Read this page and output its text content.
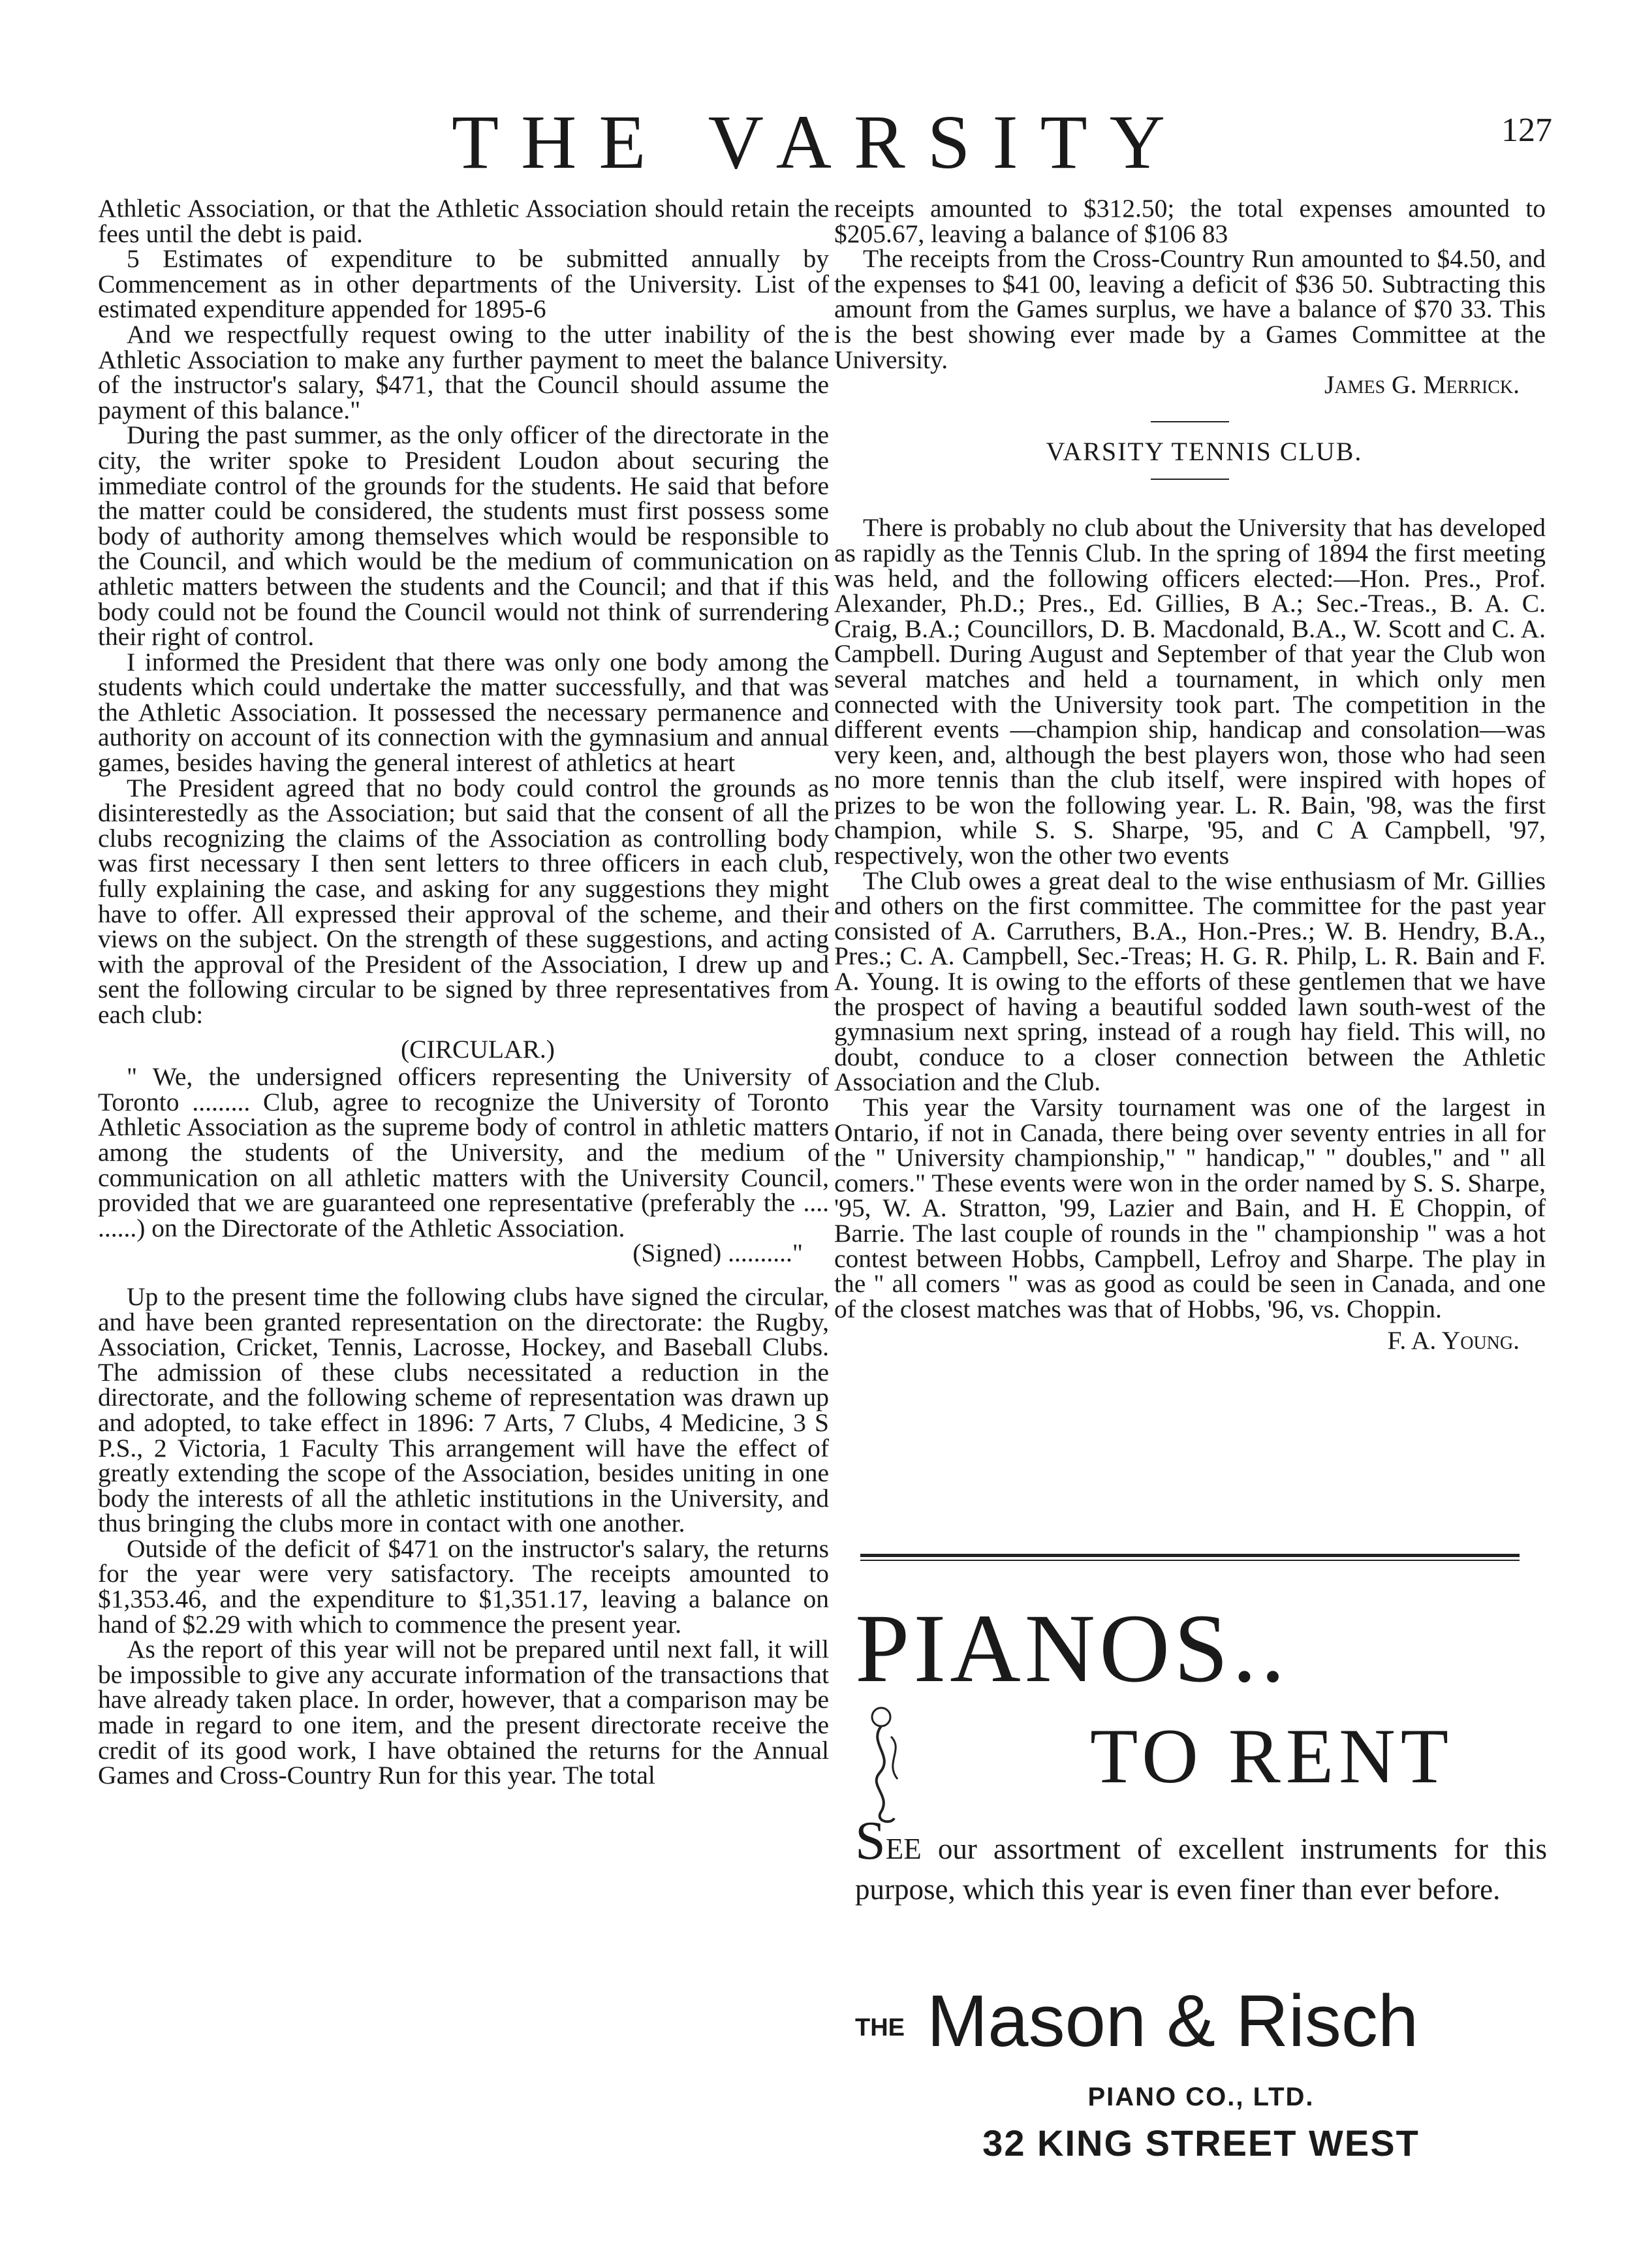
THE VARSITY	127

Athletic Association, or that the Athletic Association should retain the fees until the debt is paid.

5 Estimates of expenditure to be submitted annually by Commencement as in other departments of the University. List of estimated expenditure appended for 1895-6

And we respectfully request owing to the utter inability of the Athletic Association to make any further payment to meet the balance of the instructor's salary, $471, that the Council should assume the payment of this balance."

During the past summer, as the only officer of the directorate in the city, the writer spoke to President Loudon about securing the immediate control of the grounds for the students. He said that before the matter could be considered, the students must first possess some body of authority among themselves which would be responsible to the Council, and which would be the medium of communication on athletic matters between the students and the Council; and that if this body could not be found the Council would not think of surrendering their right of control.

I informed the President that there was only one body among the students which could undertake the matter successfully, and that was the Athletic Association. It possessed the necessary permanence and authority on account of its connection with the gymnasium and annual games, besides having the general interest of athletics at heart

The President agreed that no body could control the grounds as disinterestedly as the Association; but said that the consent of all the clubs recognizing the claims of the Association as controlling body was first necessary I then sent letters to three officers in each club, fully explaining the case, and asking for any suggestions they might have to offer. All expressed their approval of the scheme, and their views on the subject. On the strength of these suggestions, and acting with the approval of the President of the Association, I drew up and sent the following circular to be signed by three representatives from each club:

(CIRCULAR.)

" We, the undersigned officers representing the University of Toronto ......... Club, agree to recognize the University of Toronto Athletic Association as the supreme body of control in athletic matters among the students of the University, and the medium of communication on all athletic matters with the University Council, provided that we are guaranteed one representative (preferably the .... ......) on the Directorate of the Athletic Association.

(Signed) .........."

Up to the present time the following clubs have signed the circular, and have been granted representation on the directorate: the Rugby, Association, Cricket, Tennis, Lacrosse, Hockey, and Baseball Clubs. The admission of these clubs necessitated a reduction in the directorate, and the following scheme of representation was drawn up and adopted, to take effect in 1896: 7 Arts, 7 Clubs, 4 Medicine, 3 S P.S., 2 Victoria, 1 Faculty This arrangement will have the effect of greatly extending the scope of the Association, besides uniting in one body the interests of all the athletic institutions in the University, and thus bringing the clubs more in contact with one another.

Outside of the deficit of $471 on the instructor's salary, the returns for the year were very satisfactory. The receipts amounted to $1,353.46, and the expenditure to $1,351.17, leaving a balance on hand of $2.29 with which to commence the present year.

As the report of this year will not be prepared until next fall, it will be impossible to give any accurate information of the transactions that have already taken place. In order, however, that a comparison may be made in regard to one item, and the present directorate receive the credit of its good work, I have obtained the returns for the Annual Games and Cross-Country Run for this year. The total

receipts amounted to $312.50; the total expenses amounted to $205.67, leaving a balance of $106 83

The receipts from the Cross-Country Run amounted to $4.50, and the expenses to $41 00, leaving a deficit of $36 50. Subtracting this amount from the Games surplus, we have a balance of $70 33. This is the best showing ever made by a Games Committee at the University.

James G. Merrick.

VARSITY TENNIS CLUB.

There is probably no club about the University that has developed as rapidly as the Tennis Club. In the spring of 1894 the first meeting was held, and the following officers elected:—Hon. Pres., Prof. Alexander, Ph.D.; Pres., Ed. Gillies, B A.; Sec.-Treas., B. A. C. Craig, B.A.; Councillors, D. B. Macdonald, B.A., W. Scott and C. A. Campbell. During August and September of that year the Club won several matches and held a tournament, in which only men connected with the University took part. The competition in the different events —champion ship, handicap and consolation—was very keen, and, although the best players won, those who had seen no more tennis than the club itself, were inspired with hopes of prizes to be won the following year. L. R. Bain, '98, was the first champion, while S. S. Sharpe, '95, and C A Campbell, '97, respectively, won the other two events

The Club owes a great deal to the wise enthusiasm of Mr. Gillies and others on the first committee. The committee for the past year consisted of A. Carruthers, B.A., Hon.-Pres.; W. B. Hendry, B.A., Pres.; C. A. Campbell, Sec.-Treas; H. G. R. Philp, L. R. Bain and F. A. Young. It is owing to the efforts of these gentlemen that we have the prospect of having a beautiful sodded lawn south-west of the gymnasium next spring, instead of a rough hay field. This will, no doubt, conduce to a closer connection between the Athletic Association and the Club.

This year the Varsity tournament was one of the largest in Ontario, if not in Canada, there being over seventy entries in all for the " University championship," " handicap," " doubles," and " all comers." These events were won in the order named by S. S. Sharpe, '95, W. A. Stratton, '99, Lazier and Bain, and H. E Choppin, of Barrie. The last couple of rounds in the " championship " was a hot contest between Hobbs, Campbell, Lefroy and Sharpe. The play in the " all comers " was as good as could be seen in Canada, and one of the closest matches was that of Hobbs, '96, vs. Choppin.

F. A. Young.

PIANOS..
TO RENT
SEE our assortment of excellent instruments for this purpose, which this year is even finer than ever before.
THE Mason & Risch
PIANO CO., LTD.
32 KING STREET WEST
